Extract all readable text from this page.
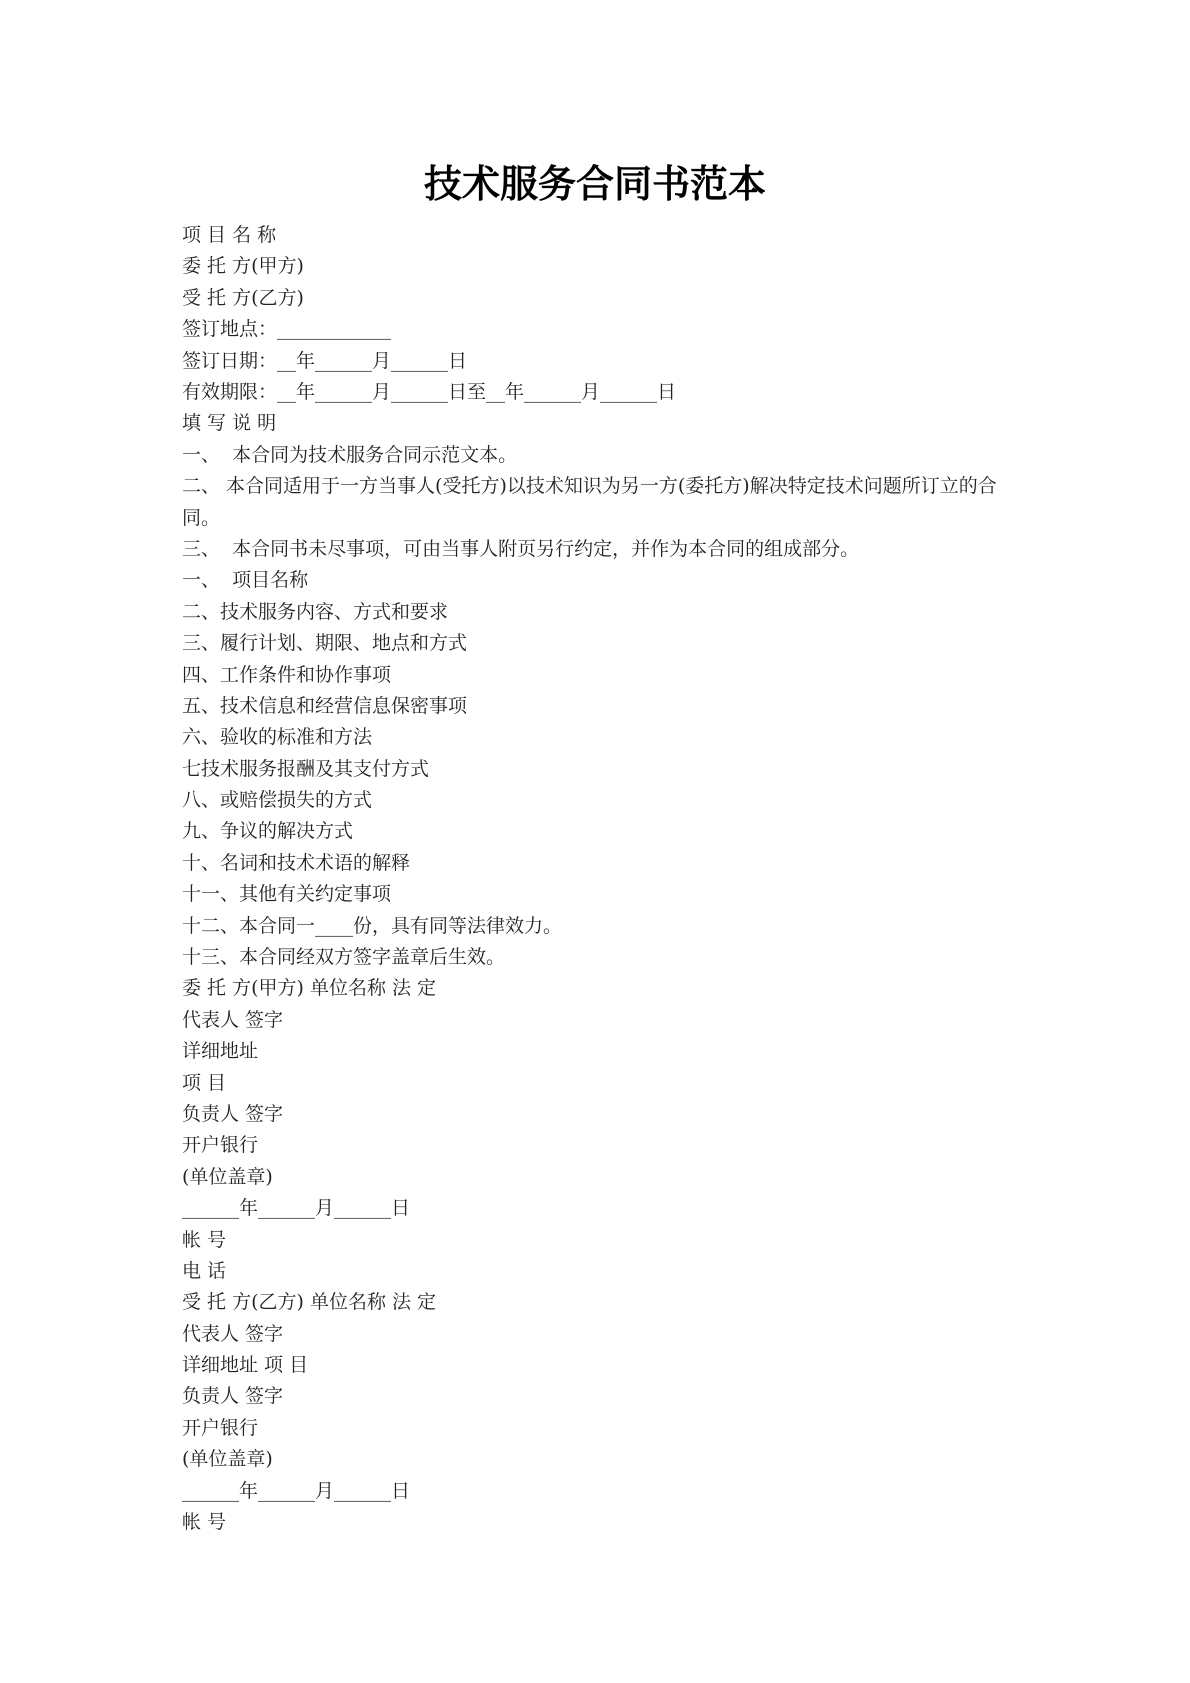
技术服务合同书范本
项 目 名 称
委 托 方(甲方)
受 托 方(乙方)
签订地点：____________
签订日期：__年______月______日
有效期限：__年______月______日至__年______月______日
填 写 说 明
一、  本合同为技术服务合同示范文本。
二、 本合同适用于一方当事人(受托方)以技术知识为另一方(委托方)解决特定技术问题所订立的合同。
三、  本合同书未尽事项，可由当事人附页另行约定，并作为本合同的组成部分。
一、  项目名称
二、技术服务内容、方式和要求
三、履行计划、期限、地点和方式
四、工作条件和协作事项
五、技术信息和经营信息保密事项
六、验收的标准和方法
七技术服务报酬及其支付方式
八、或赔偿损失的方式
九、争议的解决方式
十、名词和技术术语的解释
十一、其他有关约定事项
十二、本合同一____份，具有同等法律效力。
十三、本合同经双方签字盖章后生效。
委 托 方(甲方) 单位名称 法 定
代表人 签字
详细地址
项 目
负责人 签字
开户银行
(单位盖章)
______年______月______日
帐 号
电 话
受 托 方(乙方) 单位名称 法 定
代表人 签字
详细地址 项 目
负责人 签字
开户银行
(单位盖章)
______年______月______日
帐 号
